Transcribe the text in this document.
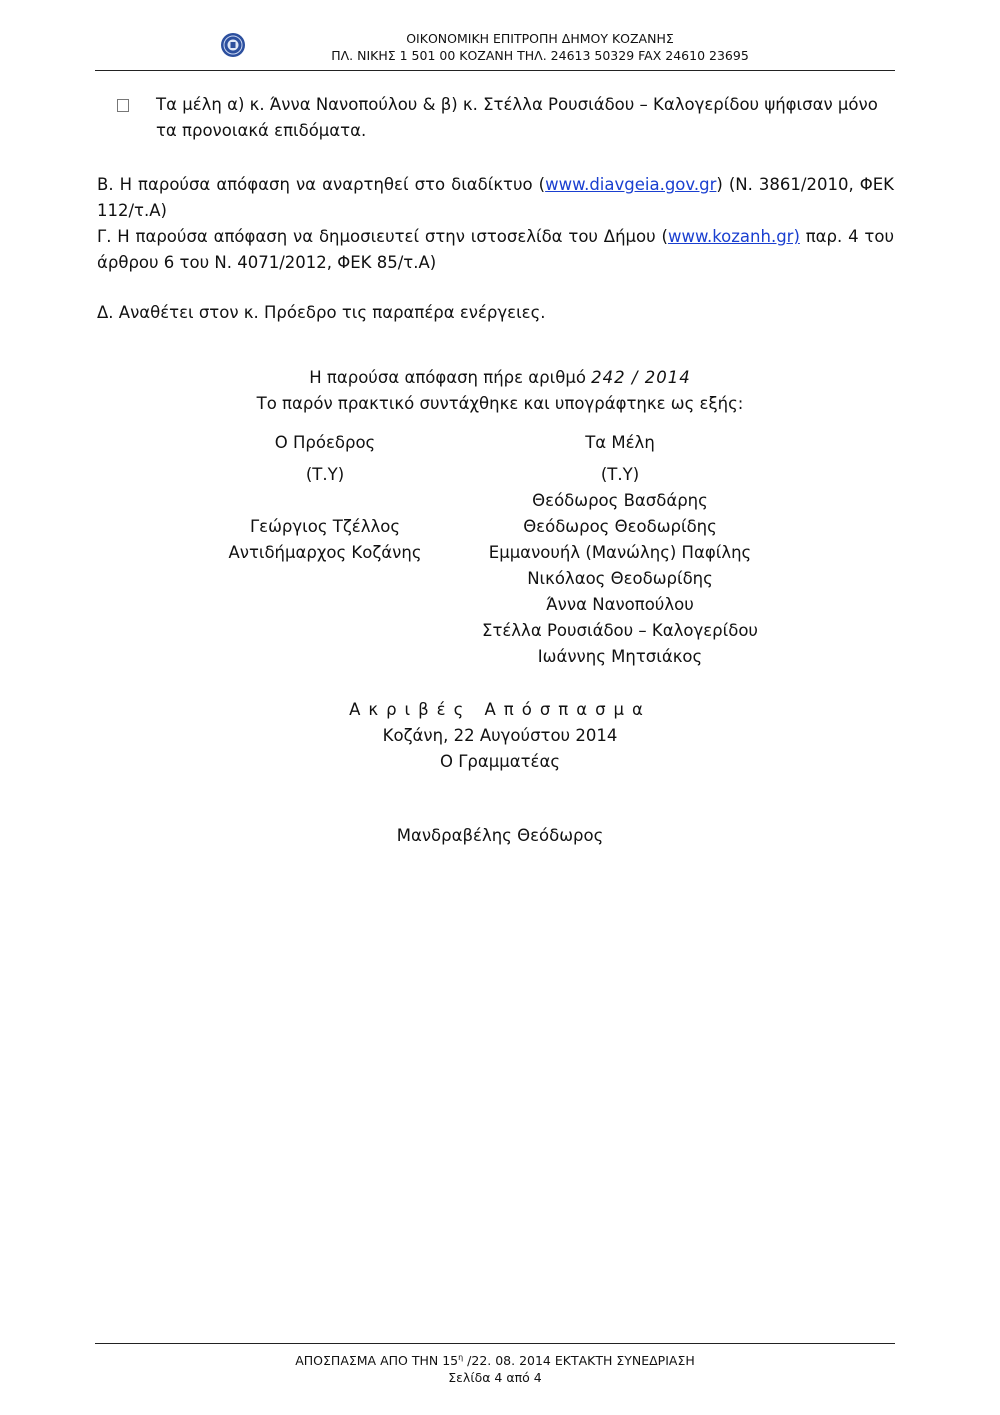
ΟΙΚΟΝΟΜΙΚΗ ΕΠΙΤΡΟΠΗ ΔΗΜΟΥ ΚΟΖΑΝΗΣ
ΠΛ. ΝΙΚΗΣ 1 501 00 ΚΟΖΑΝΗ ΤΗΛ. 24613 50329 FAX 24610 23695
Τα μέλη α) κ. Άννα Νανοπούλου & β) κ. Στέλλα Ρουσιάδου – Καλογερίδου ψήφισαν μόνο τα προνοιακά επιδόματα.

Β. Η παρούσα απόφαση να αναρτηθεί στο διαδίκτυο (www.diavgeia.gov.gr) (Ν. 3861/2010, ΦΕΚ 112/τ.Α)

Γ. Η παρούσα απόφαση να δημοσιευτεί στην ιστοσελίδα του Δήμου (www.kozanh.gr) παρ. 4 του άρθρου 6 του Ν. 4071/2012, ΦΕΚ 85/τ.Α)

Δ. Αναθέτει στον κ. Πρόεδρο τις παραπέρα ενέργειες.

Η παρούσα απόφαση πήρε αριθμό 242 / 2014
Το παρόν πρακτικό συντάχθηκε και υπογράφτηκε ως εξής:
Ο Πρόεδρος
(Τ.Υ)
Γεώργιος Τζέλλος
Αντιδήμαρχος Κοζάνης
Τα Μέλη
(Τ.Υ)
Θεόδωρος Βασδάρης
Θεόδωρος Θεοδωρίδης
Εμμανουήλ (Μανώλης) Παφίλης
Νικόλαος Θεοδωρίδης
Άννα Νανοπούλου
Στέλλα Ρουσιάδου – Καλογερίδου
Ιωάννης Μητσιάκος
Ακριβές Απόσπασμα
Κοζάνη, 22 Αυγούστου 2014
Ο Γραμματέας
Μανδραβέλης Θεόδωρος
ΑΠΟΣΠΑΣΜΑ ΑΠΟ ΤΗΝ $15^\eta$ /22. 08. 2014 ΕΚΤΑΚΤΗ ΣΥΝΕΔΡΙΑΣΗ
Σελίδα 4 από 4
